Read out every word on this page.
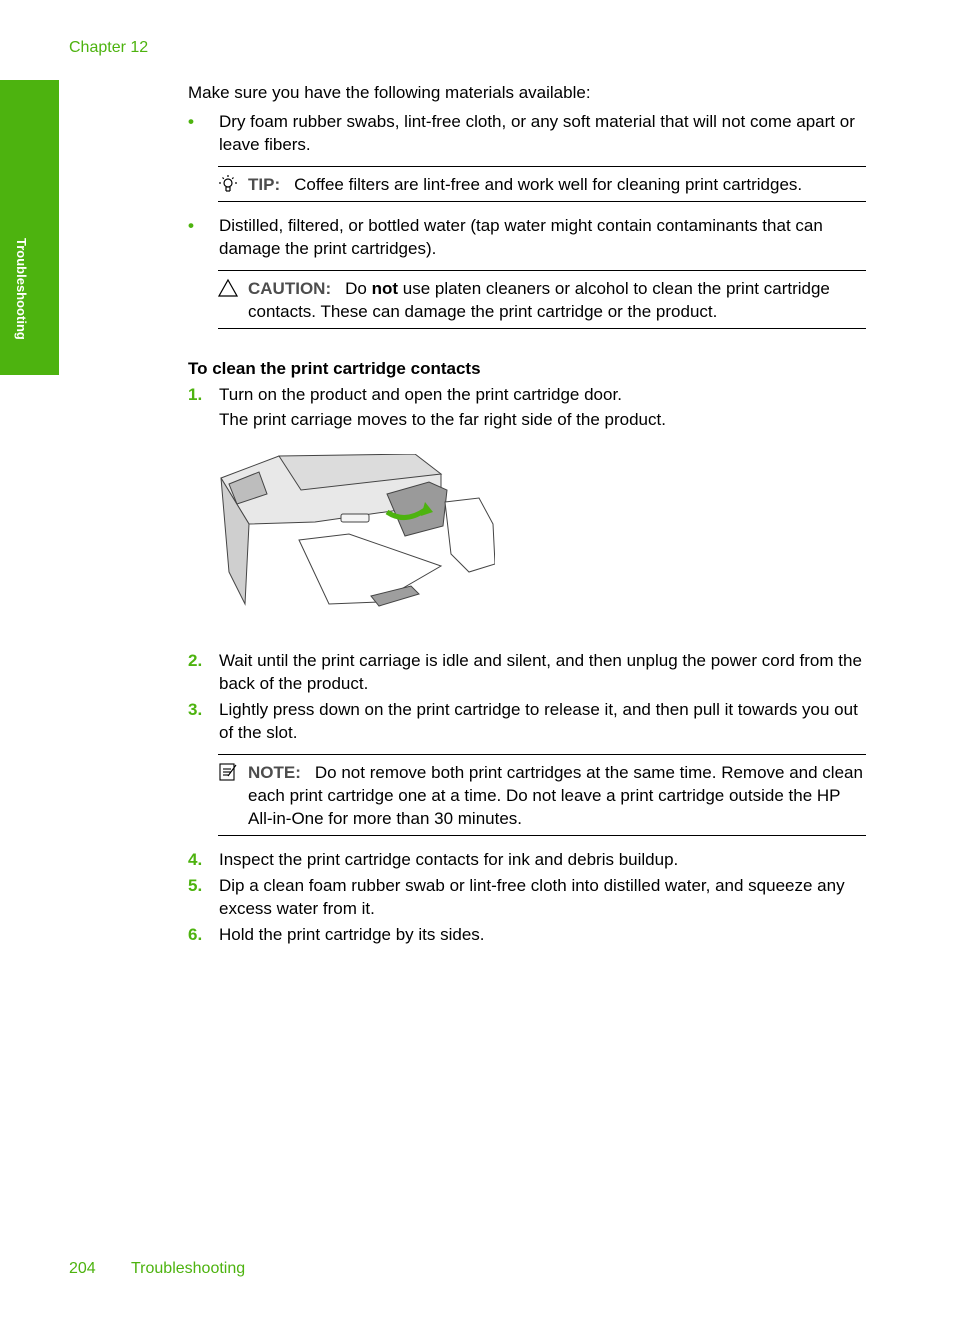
Chapter 12
Troubleshooting

Make sure you have the following materials available:

• Dry foam rubber swabs, lint-free cloth, or any soft material that will not come apart or leave fibers.
TIP: Coffee filters are lint-free and work well for cleaning print cartridges.
• Distilled, filtered, or bottled water (tap water might contain contaminants that can damage the print cartridges).
CAUTION: Do not use platen cleaners or alcohol to clean the print cartridge contacts. These can damage the print cartridge or the product.

To clean the print cartridge contacts

1. Turn on the product and open the print cartridge door.
The print carriage moves to the far right side of the product.
2. Wait until the print carriage is idle and silent, and then unplug the power cord from the back of the product.
3. Lightly press down on the print cartridge to release it, and then pull it towards you out of the slot.
NOTE: Do not remove both print cartridges at the same time. Remove and clean each print cartridge one at a time. Do not leave a print cartridge outside the HP All-in-One for more than 30 minutes.
4. Inspect the print cartridge contacts for ink and debris buildup.
5. Dip a clean foam rubber swab or lint-free cloth into distilled water, and squeeze any excess water from it.
6. Hold the print cartridge by its sides.
204 Troubleshooting
